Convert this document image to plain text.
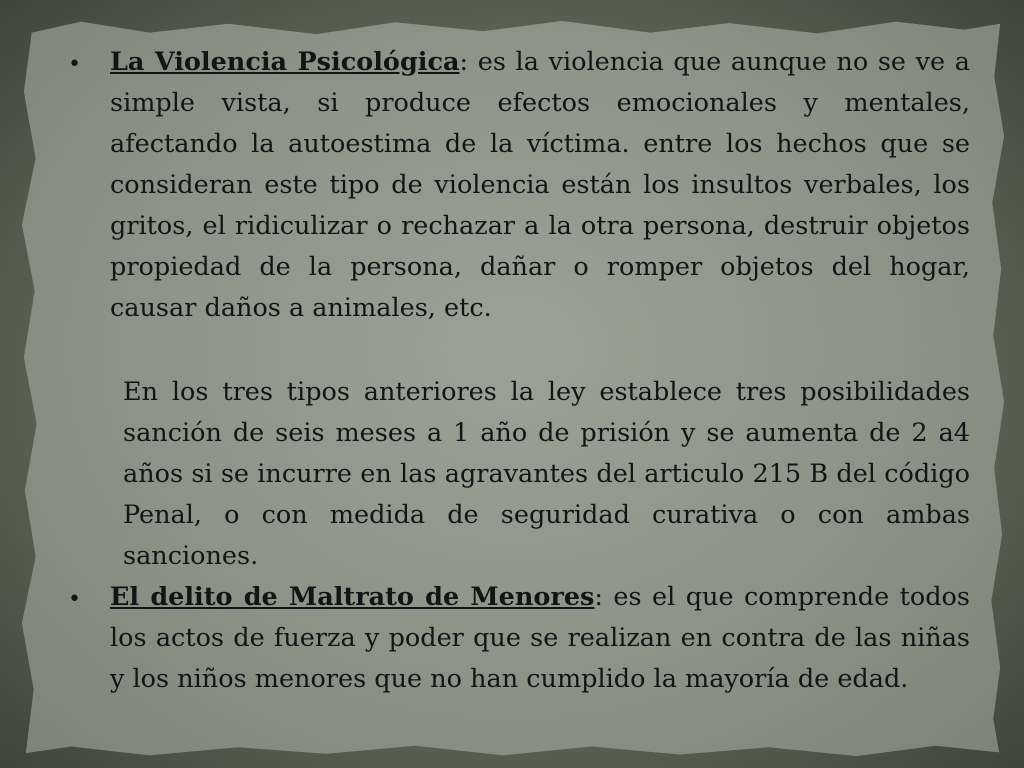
• La Violencia Psicológica: es la violencia que aunque no se ve a simple vista, si produce efectos emocionales y mentales, afectando la autoestima de la víctima. entre los hechos que se consideran este tipo de violencia están los insultos verbales, los gritos, el ridiculizar o rechazar a la otra persona, destruir objetos propiedad de la persona, dañar o romper objetos del hogar, causar daños a animales, etc.
En los tres tipos anteriores la ley establece tres posibilidades sanción de seis meses a 1 año de prisión y se aumenta de 2 a4 años si se incurre en las agravantes del articulo 215 B del código Penal, o con medida de seguridad curativa o con ambas sanciones.
• El delito de Maltrato de Menores: es el que comprende todos los actos de fuerza y poder que se realizan en contra de las niñas y los niños menores que no han cumplido la mayoría de edad.
